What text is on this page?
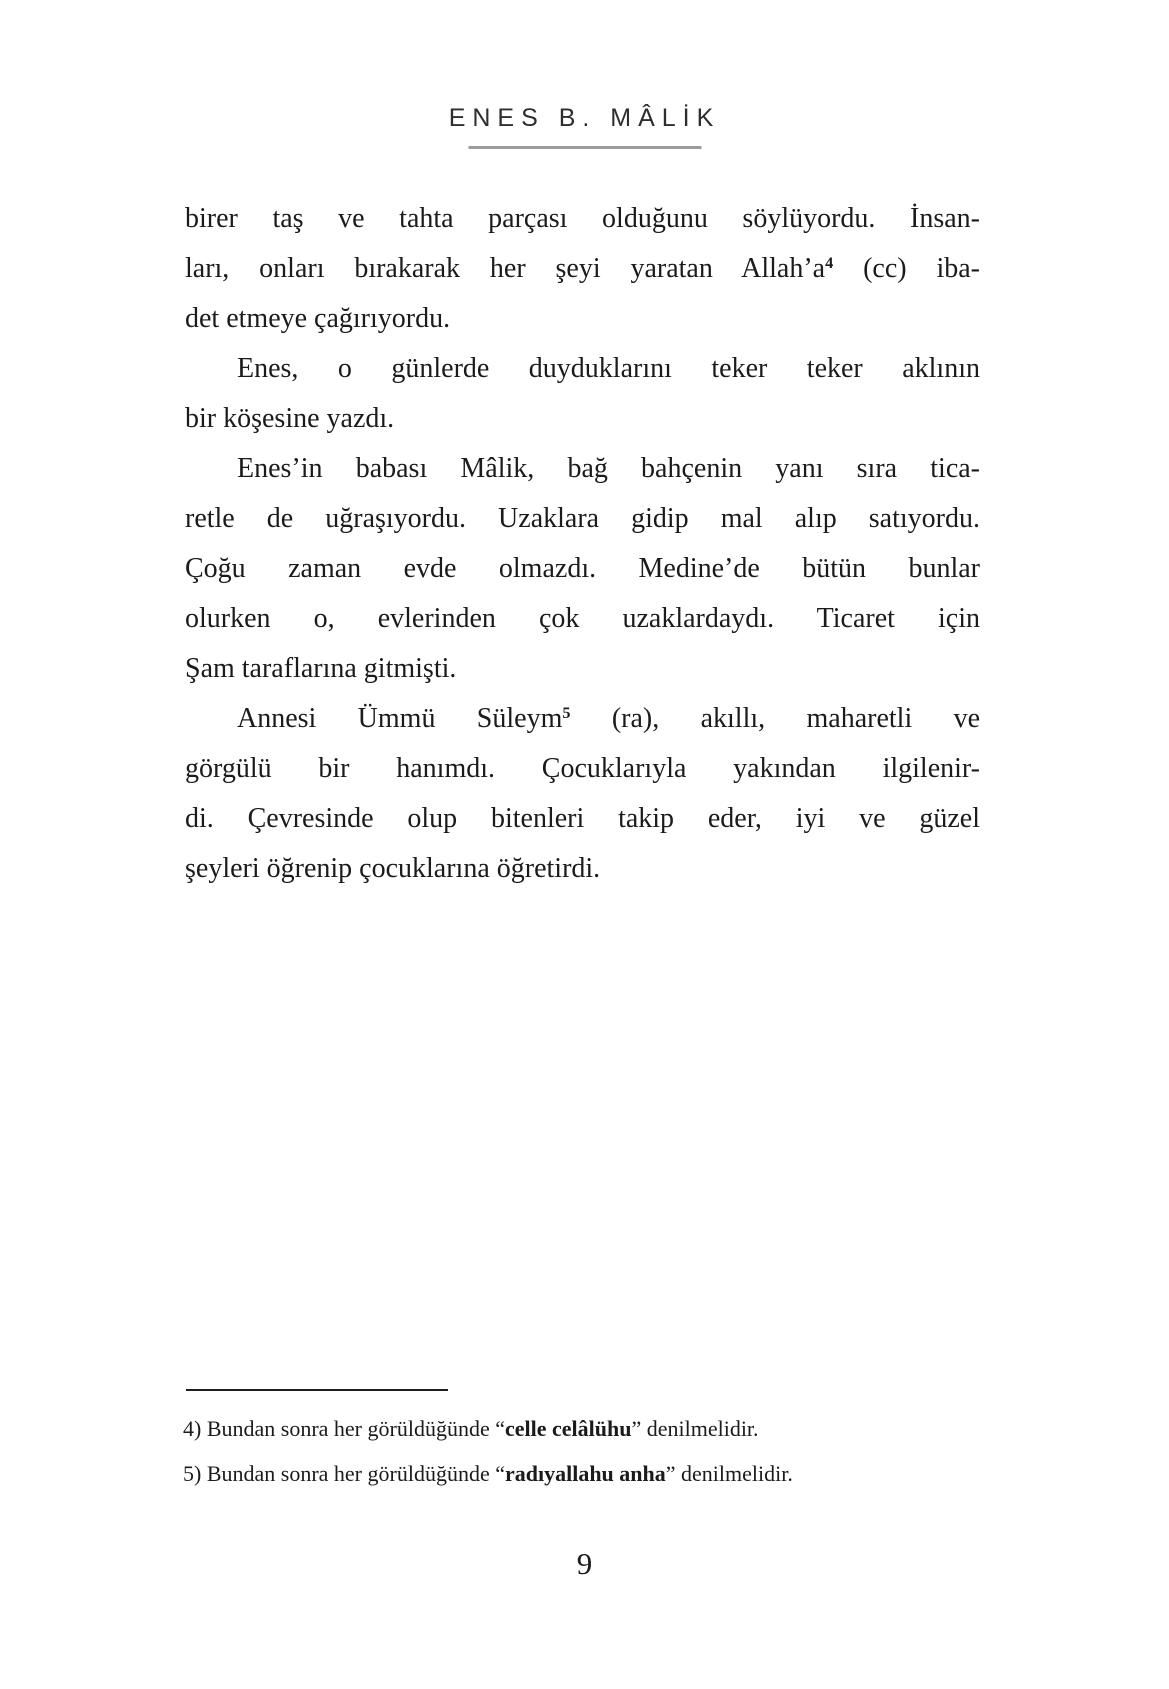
ENES B. MÂLİK
birer taş ve tahta parçası olduğunu söylüyordu. İnsan-
ları, onları bırakarak her şeyi yaratan $Allah’a^4$ (cc) iba-
det etmeye çağırıyordu.
Enes, o günlerde duyduklarını teker teker aklının
bir köşesine yazdı.
Enes’in babası Mâlik, bağ bahçenin yanı sıra tica-
retle de uğraşıyordu. Uzaklara gidip mal alıp satıyordu.
Çoğu zaman evde olmazdı. Medine’de bütün bunlar
olurken o, evlerinden çok uzaklardaydı. Ticaret için
Şam taraflarına gitmişti.
Annesi Ümmü Süleym$^5$ (ra), akıllı, maharetli ve
görgülü bir hanımdı. Çocuklarıyla yakından ilgilenir-
di. Çevresinde olup bitenleri takip eder, iyi ve güzel
şeyleri öğrenip çocuklarına öğretirdi.
4) Bundan sonra her görüldüğünde “celle celâlühu” denilmelidir.
5) Bundan sonra her görüldüğünde “radıyallahu anha” denilmelidir.
9
